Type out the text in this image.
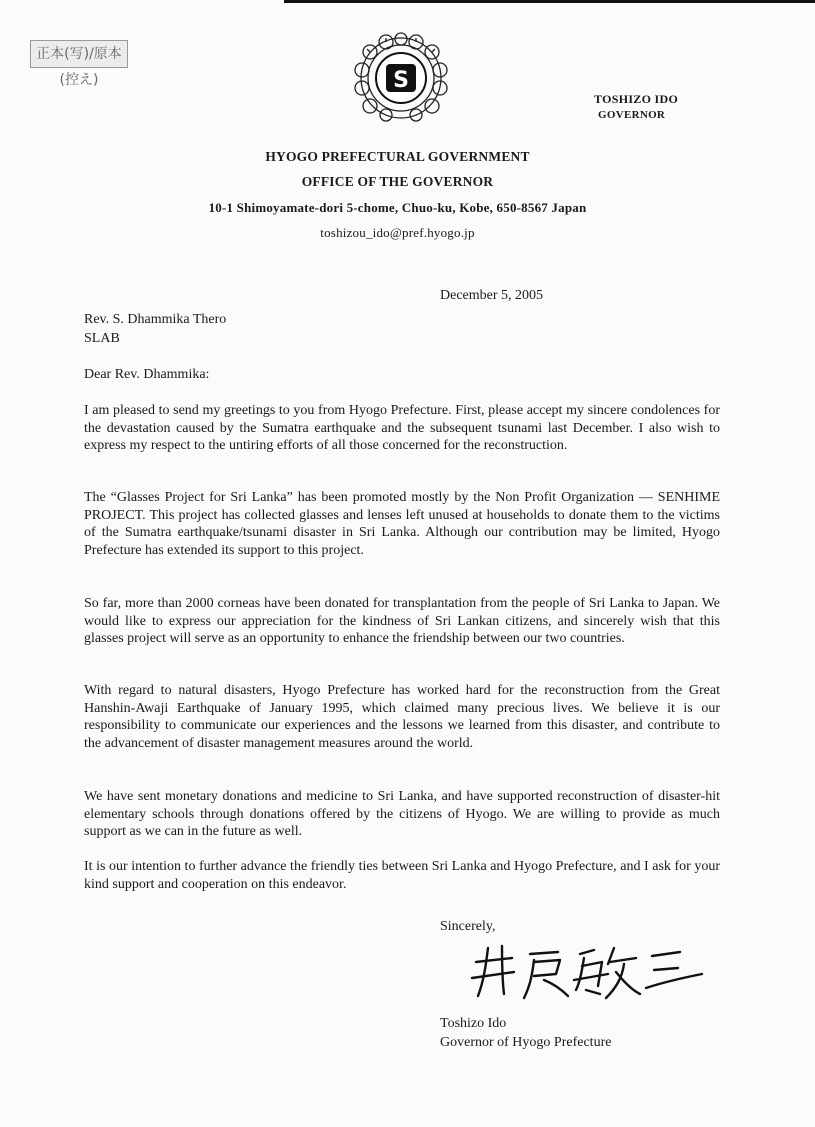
正本(写)/原本(控え)	S
TOSHIZO IDO
GOVERNOR
HYOGO PREFECTURAL GOVERNMENT
OFFICE OF THE GOVERNOR
10-1 Shimoyamate-dori 5-chome, Chuo-ku, Kobe, 650-8567 Japan
toshizou_ido@pref.hyogo.jp
December 5, 2005
Rev. S. Dhammika Thero
SLAB
Dear Rev. Dhammika:

I am pleased to send my greetings to you from Hyogo Prefecture. First, please accept my sincere condolences for the devastation caused by the Sumatra earthquake and the subsequent tsunami last December. I also wish to express my respect to the untiring efforts of all those concerned for the reconstruction.

The “Glasses Project for Sri Lanka” has been promoted mostly by the Non Profit Organization — SENHIME PROJECT. This project has collected glasses and lenses left unused at households to donate them to the victims of the Sumatra earthquake/tsunami disaster in Sri Lanka. Although our contribution may be limited, Hyogo Prefecture has extended its support to this project.

So far, more than 2000 corneas have been donated for transplantation from the people of Sri Lanka to Japan. We would like to express our appreciation for the kindness of Sri Lankan citizens, and sincerely wish that this glasses project will serve as an opportunity to enhance the friendship between our two countries.

With regard to natural disasters, Hyogo Prefecture has worked hard for the reconstruction from the Great Hanshin-Awaji Earthquake of January 1995, which claimed many precious lives. We believe it is our responsibility to communicate our experiences and the lessons we learned from this disaster, and contribute to the advancement of disaster management measures around the world.

We have sent monetary donations and medicine to Sri Lanka, and have supported reconstruction of disaster-hit elementary schools through donations offered by the citizens of Hyogo. We are willing to provide as much support as we can in the future as well.

It is our intention to further advance the friendly ties between Sri Lanka and Hyogo Prefecture, and I ask for your kind support and cooperation on this endeavor.

Sincerely,
Toshizo Ido
Governor of Hyogo Prefecture
